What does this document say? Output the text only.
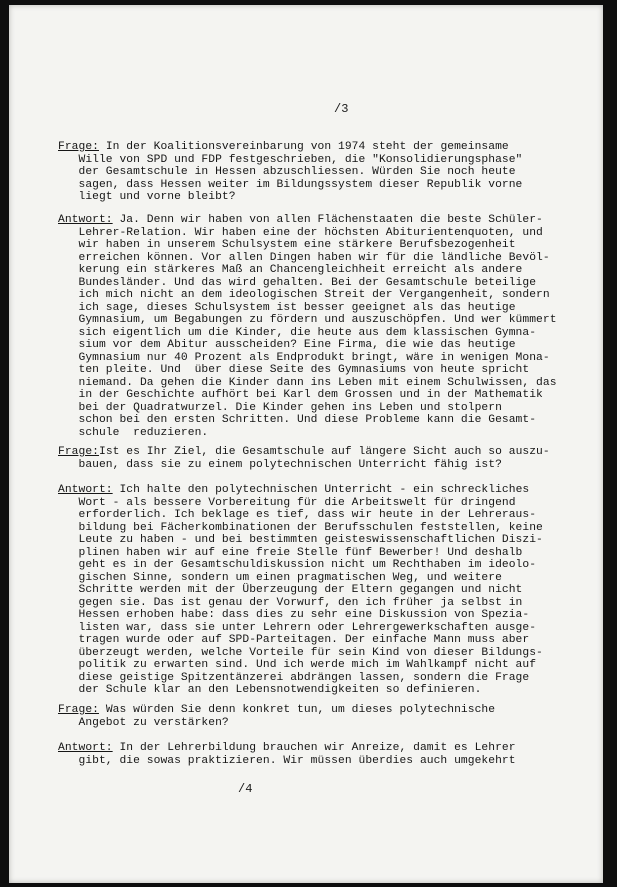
/3
Frage: In der Koalitionsvereinbarung von 1974 steht der gemeinsame
Wille von SPD und FDP festgeschrieben, die "Konsolidierungsphase"
der Gesamtschule in Hessen abzuschliessen. Würden Sie noch heute
sagen, dass Hessen weiter im Bildungssystem dieser Republik vorne
liegt und vorne bleibt?
Antwort: Ja. Denn wir haben von allen Flächenstaaten die beste Schüler-
Lehrer-Relation. Wir haben eine der höchsten Abiturientenquoten, und
wir haben in unserem Schulsystem eine stärkere Berufsbezogenheit
erreichen können. Vor allen Dingen haben wir für die ländliche Bevöl-
kerung ein stärkeres Maß an Chancengleichheit erreicht als andere
Bundesländer. Und das wird gehalten. Bei der Gesamtschule beteilige
ich mich nicht an dem ideologischen Streit der Vergangenheit, sondern
ich sage, dieses Schulsystem ist besser geeignet als das heutige
Gymnasium, um Begabungen zu fördern und auszuschöpfen. Und wer kümmert
sich eigentlich um die Kinder, die heute aus dem klassischen Gymna-
sium vor dem Abitur ausscheiden? Eine Firma, die wie das heutige
Gymnasium nur 40 Prozent als Endprodukt bringt, wäre in wenigen Mona-
ten pleite. Und  über diese Seite des Gymnasiums von heute spricht
niemand. Da gehen die Kinder dann ins Leben mit einem Schulwissen, das
in der Geschichte aufhört bei Karl dem Grossen und in der Mathematik
bei der Quadratwurzel. Die Kinder gehen ins Leben und stolpern
schon bei den ersten Schritten. Und diese Probleme kann die Gesamt-
schule  reduzieren.
Frage:Ist es Ihr Ziel, die Gesamtschule auf längere Sicht auch so auszu-
bauen, dass sie zu einem polytechnischen Unterricht fähig ist?
Antwort: Ich halte den polytechnischen Unterricht - ein schreckliches
Wort - als bessere Vorbereitung für die Arbeitswelt für dringend
erforderlich. Ich beklage es tief, dass wir heute in der Lehreraus-
bildung bei Fächerkombinationen der Berufsschulen feststellen, keine
Leute zu haben - und bei bestimmten geisteswissenschaftlichen Diszi-
plinen haben wir auf eine freie Stelle fünf Bewerber! Und deshalb
geht es in der Gesamtschuldiskussion nicht um Rechthaben im ideolo-
gischen Sinne, sondern um einen pragmatischen Weg, und weitere
Schritte werden mit der Überzeugung der Eltern gegangen und nicht
gegen sie. Das ist genau der Vorwurf, den ich früher ja selbst in
Hessen erhoben habe: dass dies zu sehr eine Diskussion von Spezia-
listen war, dass sie unter Lehrern oder Lehrergewerkschaften ausge-
tragen wurde oder auf SPD-Parteitagen. Der einfache Mann muss aber
überzeugt werden, welche Vorteile für sein Kind von dieser Bildungs-
politik zu erwarten sind. Und ich werde mich im Wahlkampf nicht auf
diese geistige Spitzentänzerei abdrängen lassen, sondern die Frage
der Schule klar an den Lebensnotwendigkeiten so definieren.
Frage: Was würden Sie denn konkret tun, um dieses polytechnische
Angebot zu verstärken?
Antwort: In der Lehrerbildung brauchen wir Anreize, damit es Lehrer
gibt, die sowas praktizieren. Wir müssen überdies auch umgekehrt
/4
